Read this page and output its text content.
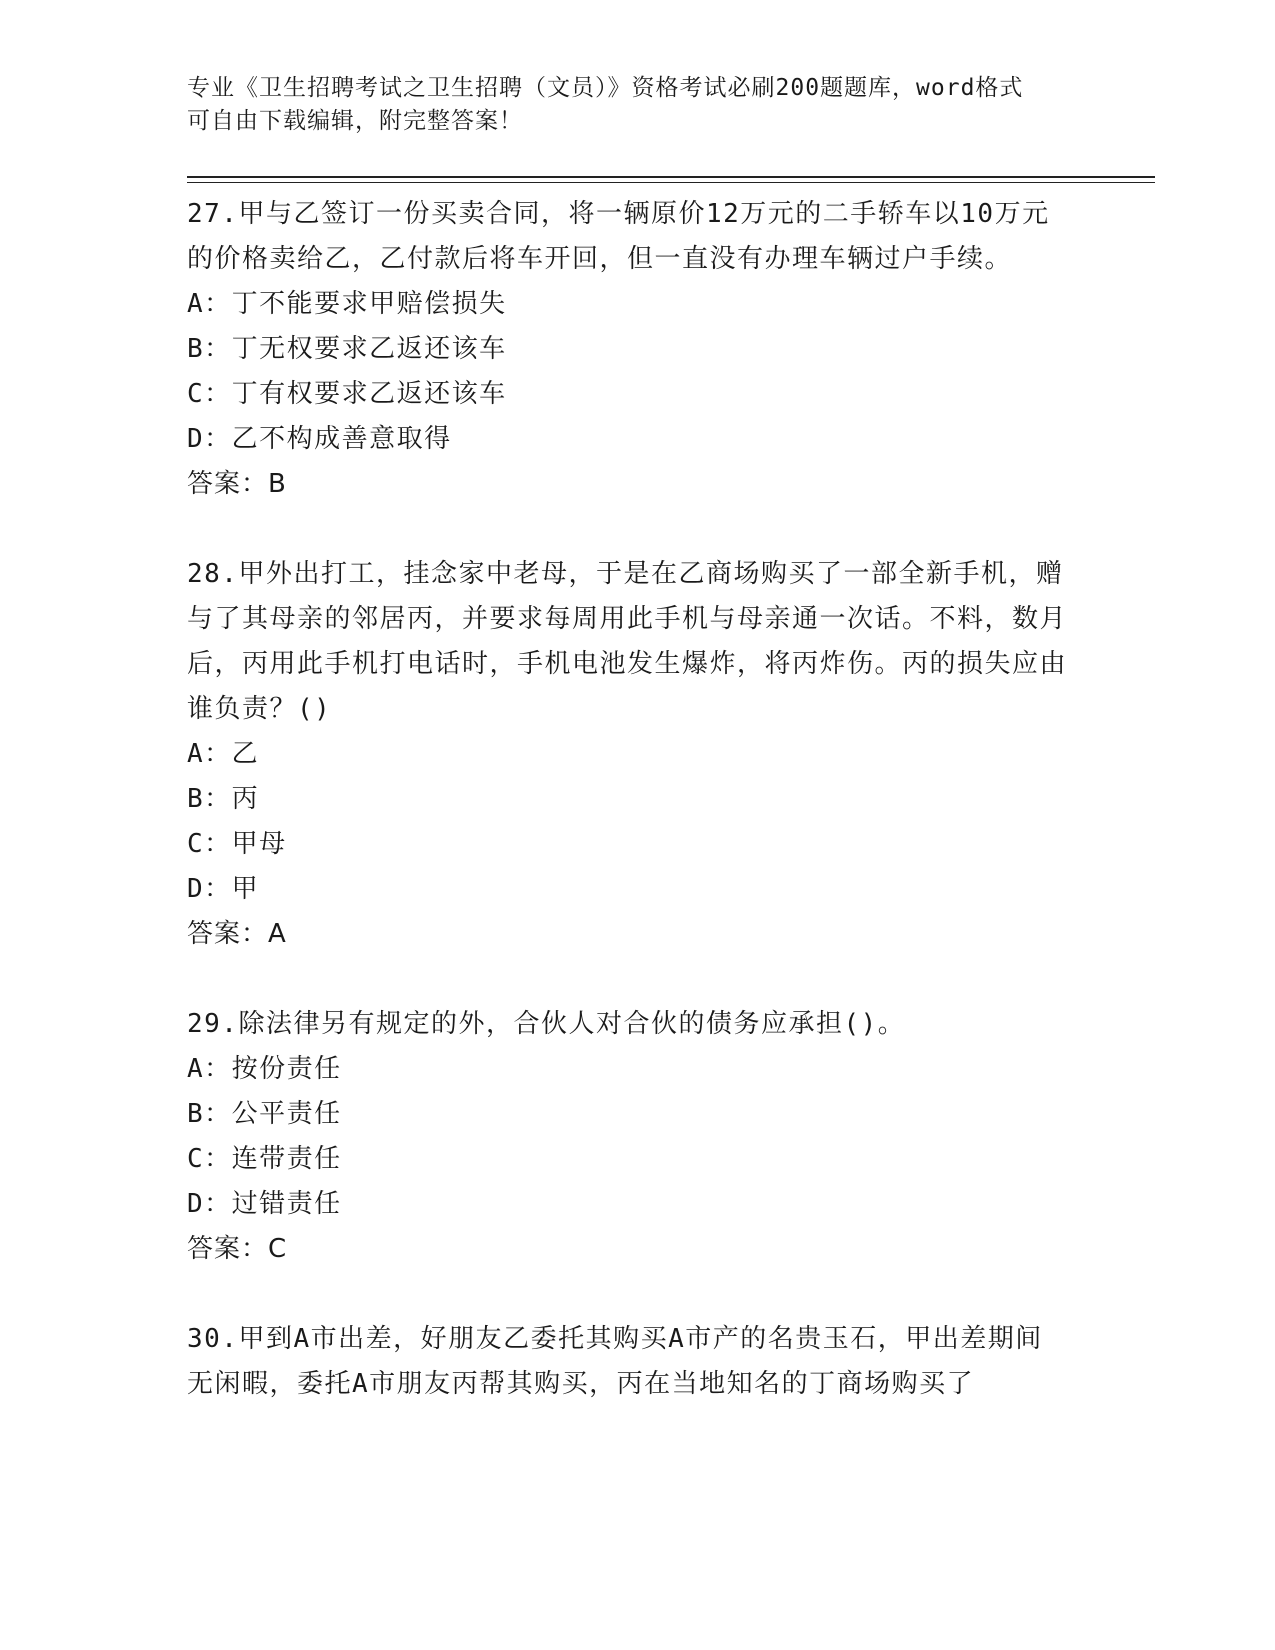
专业《卫生招聘考试之卫生招聘（文员）》资格考试必刷200题题库，word格式
可自由下载编辑，附完整答案！
27.甲与乙签订一份买卖合同，将一辆原价12万元的二手轿车以10万元的价格卖给乙，乙付款后将车开回，但一直没有办理车辆过户手续。
A：丁不能要求甲赔偿损失
B：丁无权要求乙返还该车
C：丁有权要求乙返还该车
D：乙不构成善意取得
答案：B
28.甲外出打工，挂念家中老母，于是在乙商场购买了一部全新手机，赠与了其母亲的邻居丙，并要求每周用此手机与母亲通一次话。不料，数月后，丙用此手机打电话时，手机电池发生爆炸，将丙炸伤。丙的损失应由谁负责？()
A：乙
B：丙
C：甲母
D：甲
答案：A
29.除法律另有规定的外，合伙人对合伙的债务应承担()。
A：按份责任
B：公平责任
C：连带责任
D：过错责任
答案：C
30.甲到A市出差，好朋友乙委托其购买A市产的名贵玉石，甲出差期间无闲暇，委托A市朋友丙帮其购买，丙在当地知名的丁商场购买了
